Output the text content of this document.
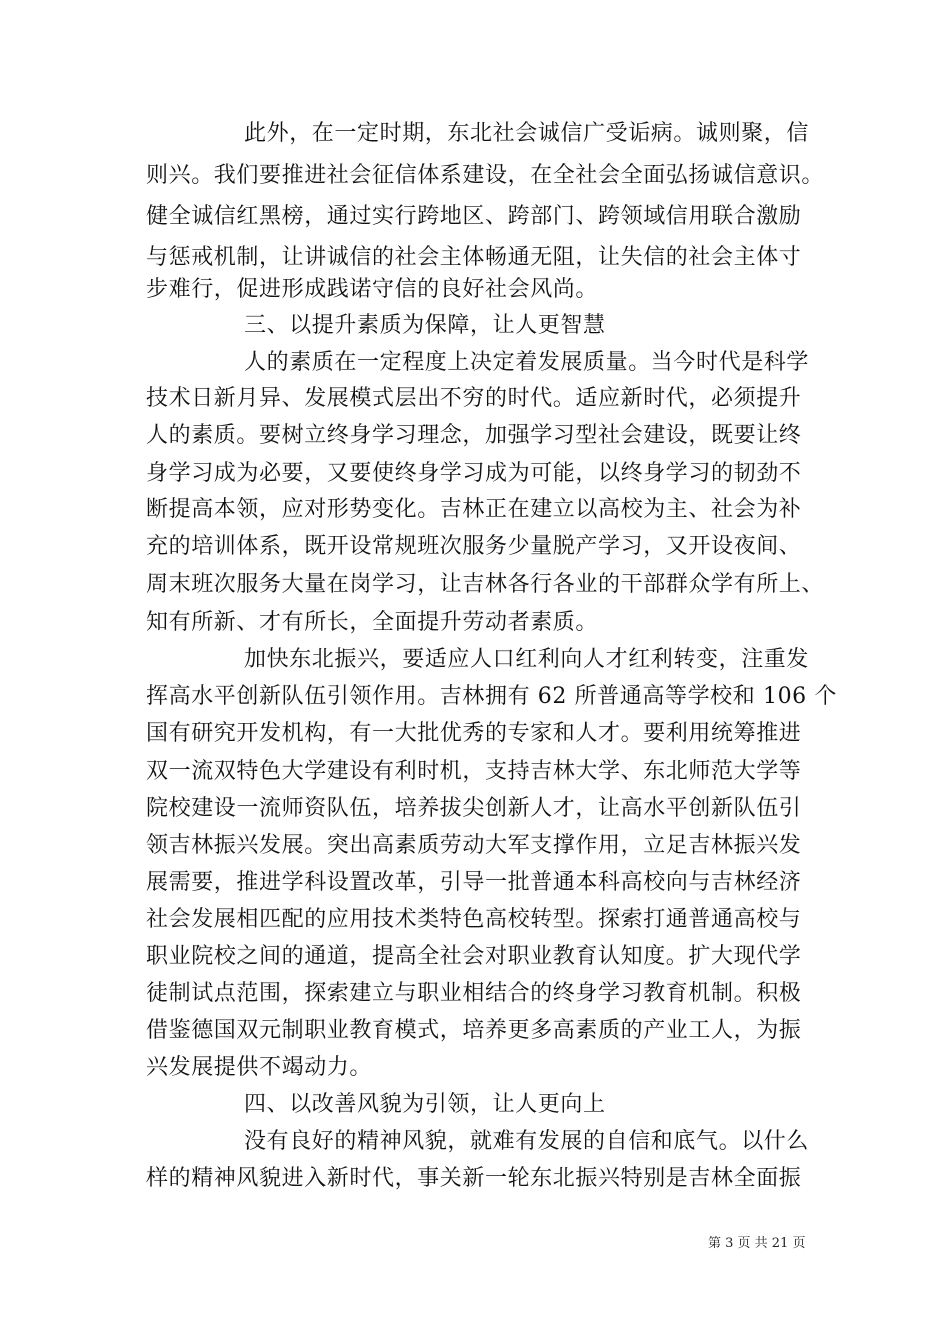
此外，在一定时期，东北社会诚信广受诟病。诚则聚，信
则兴。我们要推进社会征信体系建设，在全社会全面弘扬诚信意识。
健全诚信红黑榜，通过实行跨地区、跨部门、跨领域信用联合激励
与惩戒机制，让讲诚信的社会主体畅通无阻，让失信的社会主体寸
步难行，促进形成践诺守信的良好社会风尚。
三、以提升素质为保障，让人更智慧
人的素质在一定程度上决定着发展质量。当今时代是科学
技术日新月异、发展模式层出不穷的时代。适应新时代，必须提升
人的素质。要树立终身学习理念，加强学习型社会建设，既要让终
身学习成为必要，又要使终身学习成为可能，以终身学习的韧劲不
断提高本领，应对形势变化。吉林正在建立以高校为主、社会为补
充的培训体系，既开设常规班次服务少量脱产学习，又开设夜间、
周末班次服务大量在岗学习，让吉林各行各业的干部群众学有所上、
知有所新、才有所长，全面提升劳动者素质。
加快东北振兴，要适应人口红利向人才红利转变，注重发
挥高水平创新队伍引领作用。吉林拥有 62 所普通高等学校和 106 个
国有研究开发机构，有一大批优秀的专家和人才。要利用统筹推进
双一流双特色大学建设有利时机，支持吉林大学、东北师范大学等
院校建设一流师资队伍，培养拔尖创新人才，让高水平创新队伍引
领吉林振兴发展。突出高素质劳动大军支撑作用，立足吉林振兴发
展需要，推进学科设置改革，引导一批普通本科高校向与吉林经济
社会发展相匹配的应用技术类特色高校转型。探索打通普通高校与
职业院校之间的通道，提高全社会对职业教育认知度。扩大现代学
徒制试点范围，探索建立与职业相结合的终身学习教育机制。积极
借鉴德国双元制职业教育模式，培养更多高素质的产业工人，为振
兴发展提供不竭动力。
四、以改善风貌为引领，让人更向上
没有良好的精神风貌，就难有发展的自信和底气。以什么
样的精神风貌进入新时代，事关新一轮东北振兴特别是吉林全面振
第 3 页 共 21 页
